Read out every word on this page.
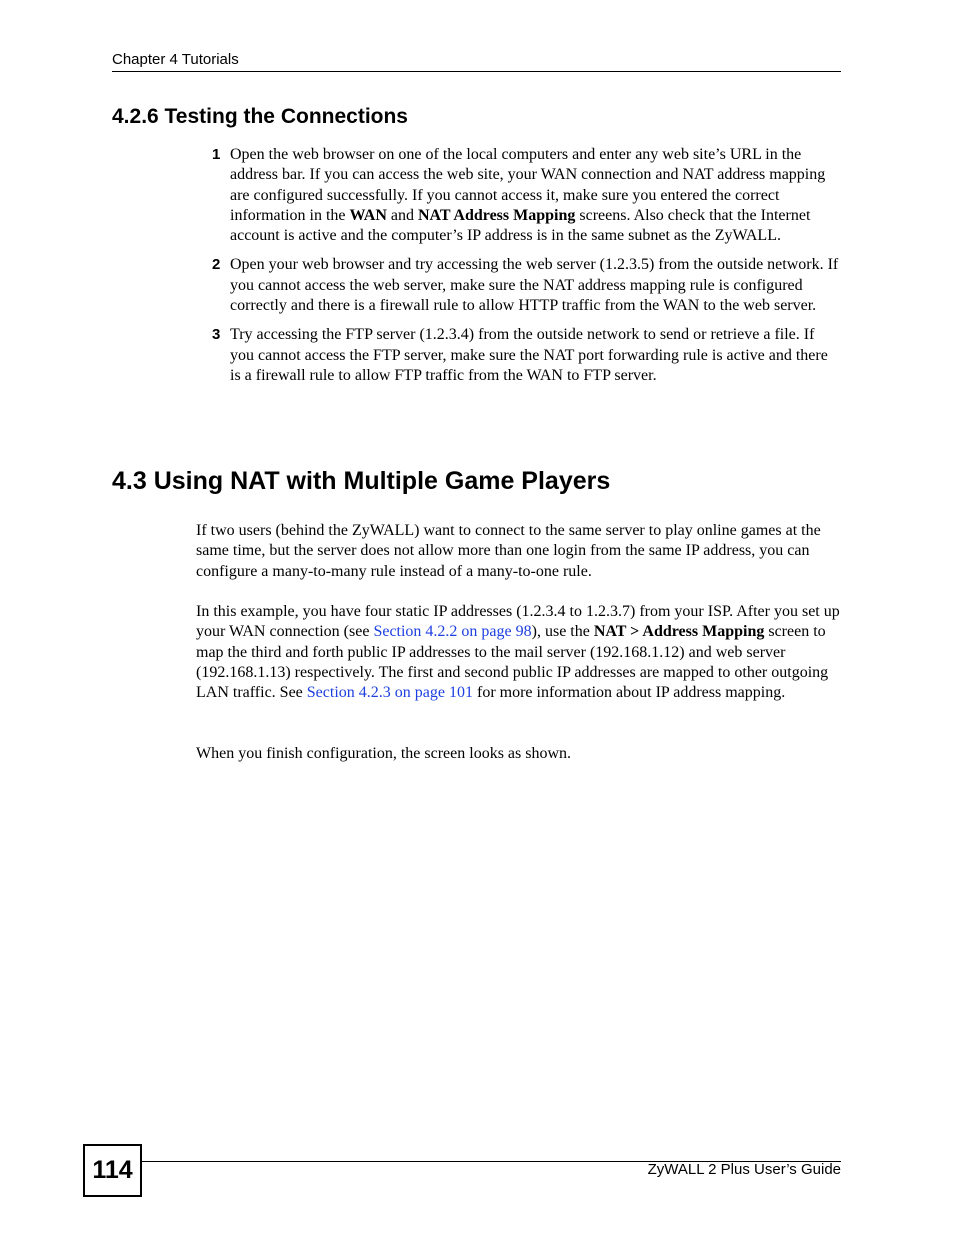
Chapter 4 Tutorials
4.2.6 Testing the Connections
1 Open the web browser on one of the local computers and enter any web site’s URL in the address bar. If you can access the web site, your WAN connection and NAT address mapping are configured successfully. If you cannot access it, make sure you entered the correct information in the WAN and NAT Address Mapping screens. Also check that the Internet account is active and the computer’s IP address is in the same subnet as the ZyWALL.
2 Open your web browser and try accessing the web server (1.2.3.5) from the outside network. If you cannot access the web server, make sure the NAT address mapping rule is configured correctly and there is a firewall rule to allow HTTP traffic from the WAN to the web server.
3 Try accessing the FTP server (1.2.3.4) from the outside network to send or retrieve a file. If you cannot access the FTP server, make sure the NAT port forwarding rule is active and there is a firewall rule to allow FTP traffic from the WAN to FTP server.
4.3 Using NAT with Multiple Game Players
If two users (behind the ZyWALL) want to connect to the same server to play online games at the same time, but the server does not allow more than one login from the same IP address, you can configure a many-to-many rule instead of a many-to-one rule.
In this example, you have four static IP addresses (1.2.3.4 to 1.2.3.7) from your ISP. After you set up your WAN connection (see Section 4.2.2 on page 98), use the NAT > Address Mapping screen to map the third and forth public IP addresses to the mail server (192.168.1.12) and web server (192.168.1.13) respectively. The first and second public IP addresses are mapped to other outgoing LAN traffic. See Section 4.2.3 on page 101 for more information about IP address mapping.
When you finish configuration, the screen looks as shown.
114	ZyWALL 2 Plus User’s Guide
